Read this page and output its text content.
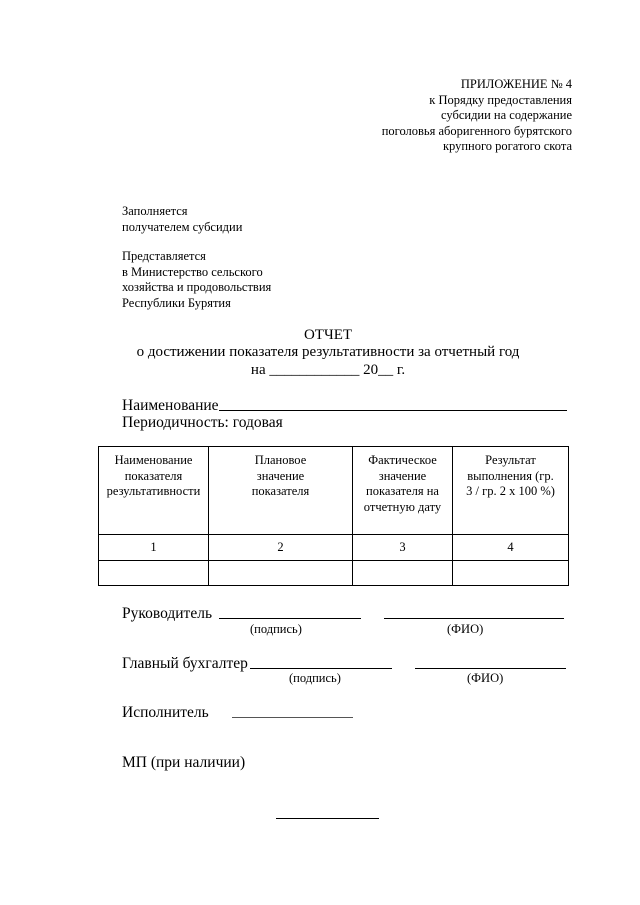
ПРИЛОЖЕНИЕ № 4
к Порядку предоставления
субсидии на содержание
поголовья аборигенного бурятского
крупного рогатого скота
Заполняется
получателем субсидии
Представляется
в Министерство сельского
хозяйства и продовольствия
Республики Бурятия
ОТЧЕТ
о достижении показателя результативности за отчетный год
на ____________ 20__ г.
Наименование
Периодичность: годовая
Наименование показателя результативности	Плановое значение показателя	Фактическое значение показателя на отчетную дату	Результат выполнения (гр. 3 / гр. 2 x 100 %)

1	2	3	4

Руководитель
(подпись)	(ФИО)
Главный бухгалтер
(подпись)	(ФИО)
Исполнитель
МП (при наличии)
